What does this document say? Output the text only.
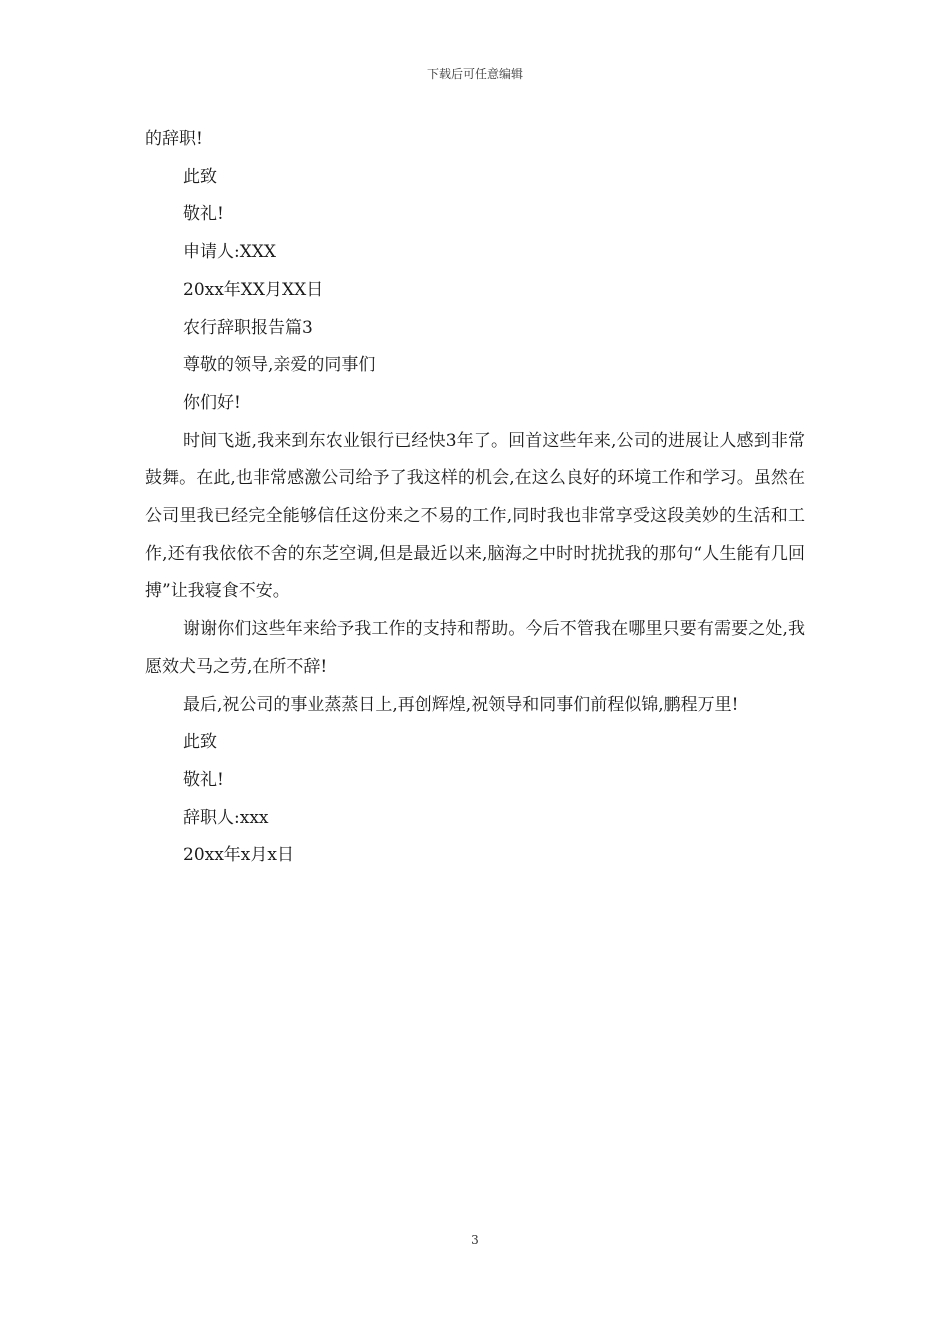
下载后可任意编辑

的辞职!

此致

敬礼!

申请人:XXX

20xx年XX月XX日

农行辞职报告篇3

尊敬的领导,亲爱的同事们

你们好!

时间飞逝,我来到东农业银行已经快3年了。回首这些年来,公司的进展让人感到非常鼓舞。在此,也非常感激公司给予了我这样的机会,在这么良好的环境工作和学习。虽然在公司里我已经完全能够信任这份来之不易的工作,同时我也非常享受这段美妙的生活和工作,还有我依依不舍的东芝空调,但是最近以来,脑海之中时时扰扰我的那句“人生能有几回搏”让我寝食不安。

谢谢你们这些年来给予我工作的支持和帮助。今后不管我在哪里只要有需要之处,我愿效犬马之劳,在所不辞!

最后,祝公司的事业蒸蒸日上,再创辉煌,祝领导和同事们前程似锦,鹏程万里!

此致

敬礼!

辞职人:xxx

20xx年x月x日

3
